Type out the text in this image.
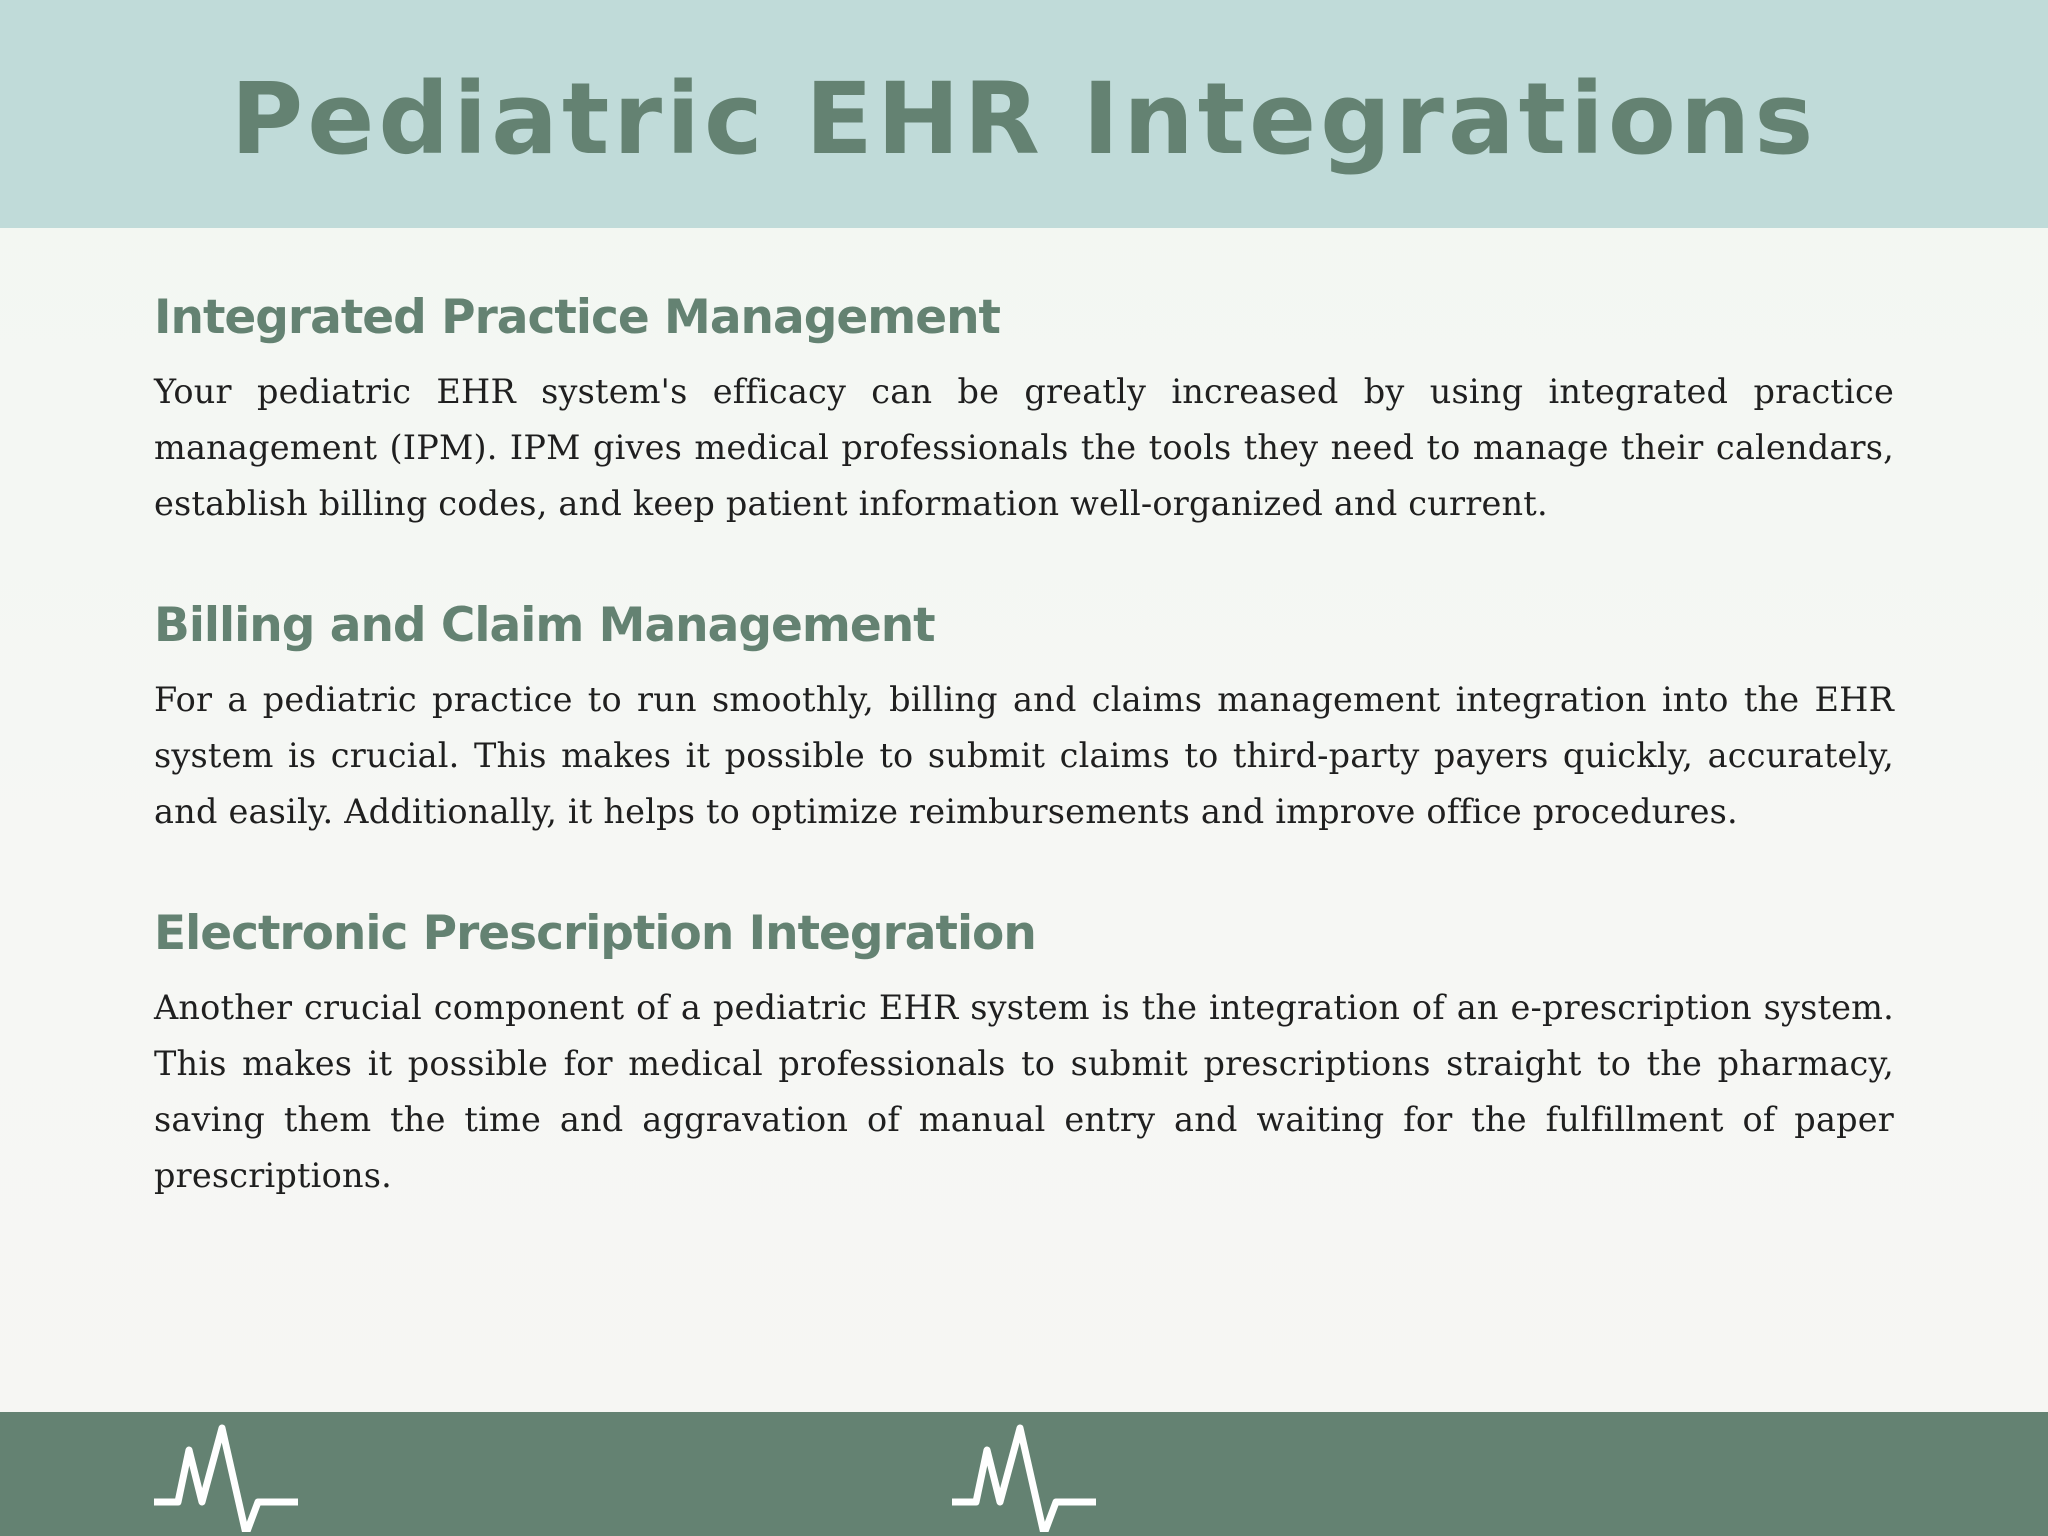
Pediatric EHR Integrations
Integrated Practice Management

Your pediatric EHR system's efficacy can be greatly increased by using integrated practice management (IPM). IPM gives medical professionals the tools they need to manage their calendars, establish billing codes, and keep patient information well-organized and current.

Billing and Claim Management

For a pediatric practice to run smoothly, billing and claims management integration into the EHR system is crucial. This makes it possible to submit claims to third-party payers quickly, accurately, and easily. Additionally, it helps to optimize reimbursements and improve office procedures.

Electronic Prescription Integration

Another crucial component of a pediatric EHR system is the integration of an e-prescription system. This makes it possible for medical professionals to submit prescriptions straight to the pharmacy, saving them the time and aggravation of manual entry and waiting for the fulfillment of paper prescriptions.
